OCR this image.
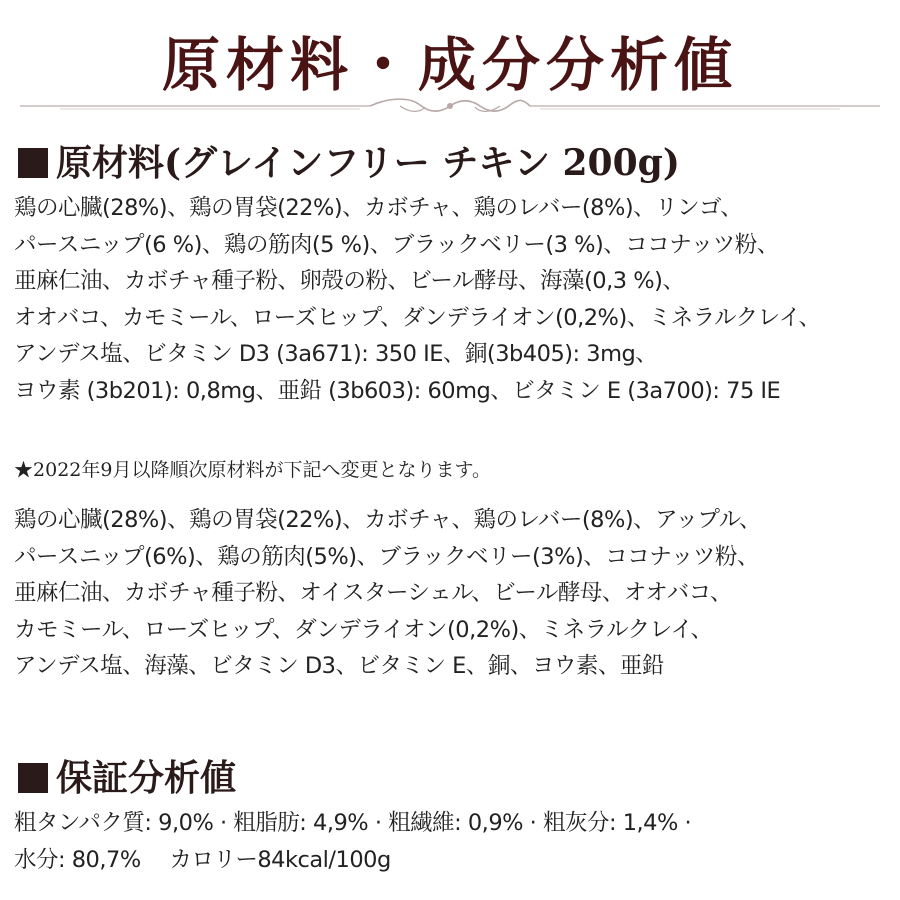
原材料・成分分析値
原材料(グレインフリー チキン 200g)
鶏の心臓(28%)、鶏の胃袋(22%)、カボチャ、鶏のレバー(8%)、リンゴ、
パースニップ(6 %)、鶏の筋肉(5 %)、ブラックベリー(3 %)、ココナッツ粉、
亜麻仁油、カボチャ種子粉、卵殻の粉、ビール酵母、海藻(0,3 %)、
オオバコ、カモミール、ローズヒップ、ダンデライオン(0,2%)、ミネラルクレイ、
アンデス塩、ビタミン D3 (3a671): 350 IE、銅(3b405): 3mg、
ヨウ素 (3b201): 0,8mg、亜鉛 (3b603): 60mg、ビタミン E (3a700): 75 IE
★2022年9月以降順次原材料が下記へ変更となります。
鶏の心臓(28%)、鶏の胃袋(22%)、カボチャ、鶏のレバー(8%)、アップル、
パースニップ(6%)、鶏の筋肉(5%)、ブラックベリー(3%)、ココナッツ粉、
亜麻仁油、カボチャ種子粉、オイスターシェル、ビール酵母、オオバコ、
カモミール、ローズヒップ、ダンデライオン(0,2%)、ミネラルクレイ、
アンデス塩、海藻、ビタミン D3、ビタミン E、銅、ヨウ素、亜鉛
保証分析値
粗タンパク質: 9,0% · 粗脂肪: 4,9% · 粗繊維: 0,9% · 粗灰分: 1,4% ·
水分: 80,7%　 カロリー84kcal/100g
